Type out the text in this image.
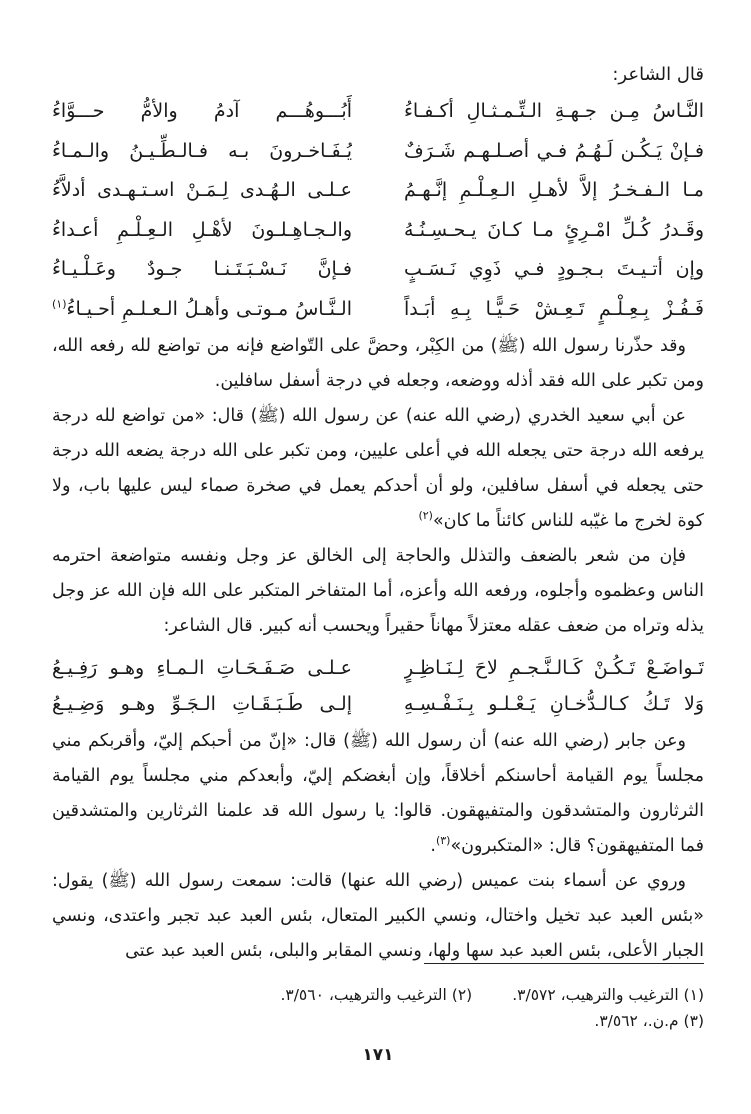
قال الشاعر:

النَّـاسُ مِـن جـهـةِ الـتِّـمـثـالِ أكـفـاءُ
أَبُـــوهُـــم آدمُ والأمُّ حـــوَّاءُ
فـإنْ يَـكُـن لَـهُـمُ فـي أصـلـهـم شَـرَفٌ
يُـفَـاخـرونَ بـه فـالـطِّـيـنُ والـمـاءُ
مـا الـفـخـرُ إلاَّ لأهـلِ الـعِـلْـمِ إنَّـهـمُ
عـلـى الـهُـدى لِـمَـنْ اسـتـهـدى أدلاَّءُ
وقَـدرُ كُـلِّ امْـرِئٍ مـا كـانَ يـحـسِـنُـهُ
والـجـاهِـلـونَ لأهْـلِ الـعِـلْـمِ أعـداءُ
وإن أتـيـتَ بـجـودٍ فـي ذَوِي نَـسَـبٍ
فـإنَّ نَـسْـبَـتَـنـا جـودٌ وعَـلْـيـاءُ
فَـفُـزْ بِـعِـلْـمٍ تَـعِـشْ حَـيًّـا بِـهِ أبَـداً
الـنَّـاسُ مـوتـى وأهـلُ الـعـلـمِ أحـيـاءُ$^{(١)}$

وقد حذّرنا رسول الله (ﷺ) من الكِبْر، وحضَّ على التّواضع فإنه من تواضع لله رفعه الله، ومن تكبر على الله فقد أذله ووضعه، وجعله في درجة أسفل سافلين.

عن أبي سعيد الخدري (رضي الله عنه) عن رسول الله (ﷺ) قال: «من تواضع لله درجة يرفعه الله درجة حتى يجعله الله في أعلى عليين، ومن تكبر على الله درجة يضعه الله درجة حتى يجعله في أسفل سافلين، ولو أن أحدكم يعمل في صخرة صماء ليس عليها باب، ولا كوة لخرج ما غيّبه للناس كائناً ما كان»$^{(٢)}$

فإن من شعر بالضعف والتذلل والحاجة إلى الخالق عز وجل ونفسه متواضعة احترمه الناس وعظموه وأجلوه، ورفعه الله وأعزه، أما المتفاخر المتكبر على الله فإن الله عز وجل يذله وتراه من ضعف عقله معتزلاً مهاناً حقيراً ويحسب أنه كبير. قال الشاعر:

تَـواضَـعْ تَـكُـنْ كَـالـنَّـجـمِ لاحَ لِـنَـاظِـرٍ
عـلـى صَـفَـحَـاتِ الـمـاءِ وهـو رَفِـيـعُ
وَلا تَـكُ كـالـدُّخـانِ يَـعْـلـو بِـنَـفْـسِـهِ
إلـى طَـبَـقَـاتِ الـجَـوِّ وهـو وَضِـيـعُ

وعن جابر (رضي الله عنه) أن رسول الله (ﷺ) قال: «إنّ من أحبكم إليّ، وأقربكم مني مجلساً يوم القيامة أحاسنكم أخلاقاً، وإن أبغضكم إليّ، وأبعدكم مني مجلساً يوم القيامة الثرثارون والمتشدقون والمتفيهقون. قالوا: يا رسول الله قد علمنا الثرثارين والمتشدقين فما المتفيهقون؟ قال: «المتكبرون»$^{(٣)}$.

وروي عن أسماء بنت عميس (رضي الله عنها) قالت: سمعت رسول الله (ﷺ) يقول: «بئس العبد عبد تخيل واختال، ونسي الكبير المتعال، بئس العبد عبد تجبر واعتدى، ونسي الجبار الأعلى، بئس العبد عبد سها ولها، ونسي المقابر والبلى، بئس العبد عبد عتى

(١) الترغيب والترهيب، ٣/٥٧٢.
(٢) الترغيب والترهيب، ٣/٥٦٠.
(٣) م.ن.، ٣/٥٦٢.
١٧١
